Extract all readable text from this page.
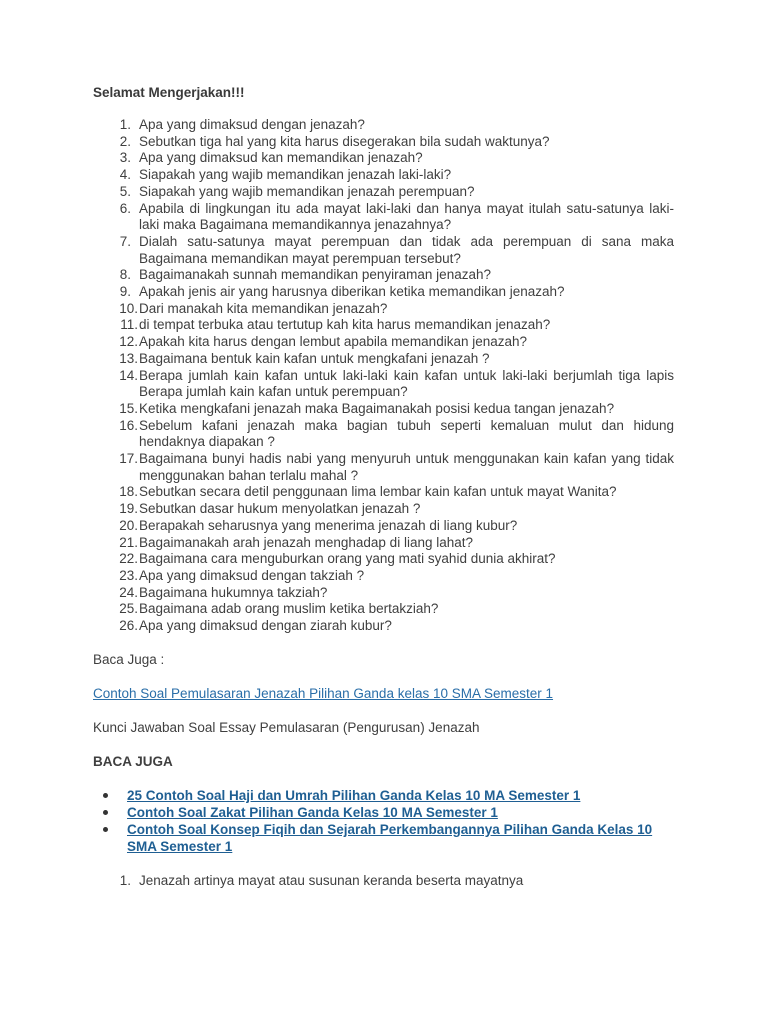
Selamat Mengerjakan!!!

1. Apa yang dimaksud dengan jenazah?
2. Sebutkan tiga hal yang kita harus disegerakan bila sudah waktunya?
3. Apa yang dimaksud kan memandikan jenazah?
4. Siapakah yang wajib memandikan jenazah laki-laki?
5. Siapakah yang wajib memandikan jenazah perempuan?
6. Apabila di lingkungan itu ada mayat laki-laki dan hanya mayat itulah satu-satunya laki-laki maka Bagaimana memandikannya jenazahnya?
7. Dialah satu-satunya mayat perempuan dan tidak ada perempuan di sana maka Bagaimana memandikan mayat perempuan tersebut?
8. Bagaimanakah sunnah memandikan penyiraman jenazah?
9. Apakah jenis air yang harusnya diberikan ketika memandikan jenazah?
10. Dari manakah kita memandikan jenazah?
11. di tempat terbuka atau tertutup kah kita harus memandikan jenazah?
12. Apakah kita harus dengan lembut apabila memandikan jenazah?
13. Bagaimana bentuk kain kafan untuk mengkafani jenazah ?
14. Berapa jumlah kain kafan untuk laki-laki kain kafan untuk laki-laki berjumlah tiga lapis Berapa jumlah kain kafan untuk perempuan?
15. Ketika mengkafani jenazah maka Bagaimanakah posisi kedua tangan jenazah?
16. Sebelum kafani jenazah maka bagian tubuh seperti kemaluan mulut dan hidung hendaknya diapakan ?
17. Bagaimana bunyi hadis nabi yang menyuruh untuk menggunakan kain kafan yang tidak menggunakan bahan terlalu mahal ?
18. Sebutkan secara detil penggunaan lima lembar kain kafan untuk mayat Wanita?
19. Sebutkan dasar hukum menyolatkan jenazah ?
20. Berapakah seharusnya yang menerima jenazah di liang kubur?
21. Bagaimanakah arah jenazah menghadap di liang lahat?
22. Bagaimana cara menguburkan orang yang mati syahid dunia akhirat?
23. Apa yang dimaksud dengan takziah ?
24. Bagaimana hukumnya takziah?
25. Bagaimana adab orang muslim ketika bertakziah?
26. Apa yang dimaksud dengan ziarah kubur?

Baca Juga :

Contoh Soal Pemulasaran Jenazah Pilihan Ganda kelas 10 SMA Semester 1

Kunci Jawaban Soal Essay Pemulasaran (Pengurusan) Jenazah

BACA JUGA

25 Contoh Soal Haji dan Umrah Pilihan Ganda Kelas 10 MA Semester 1
Contoh Soal Zakat Pilihan Ganda Kelas 10 MA Semester 1
Contoh Soal Konsep Fiqih dan Sejarah Perkembangannya Pilihan Ganda Kelas 10 SMA Semester 1
1. Jenazah artinya mayat atau susunan keranda beserta mayatnya
